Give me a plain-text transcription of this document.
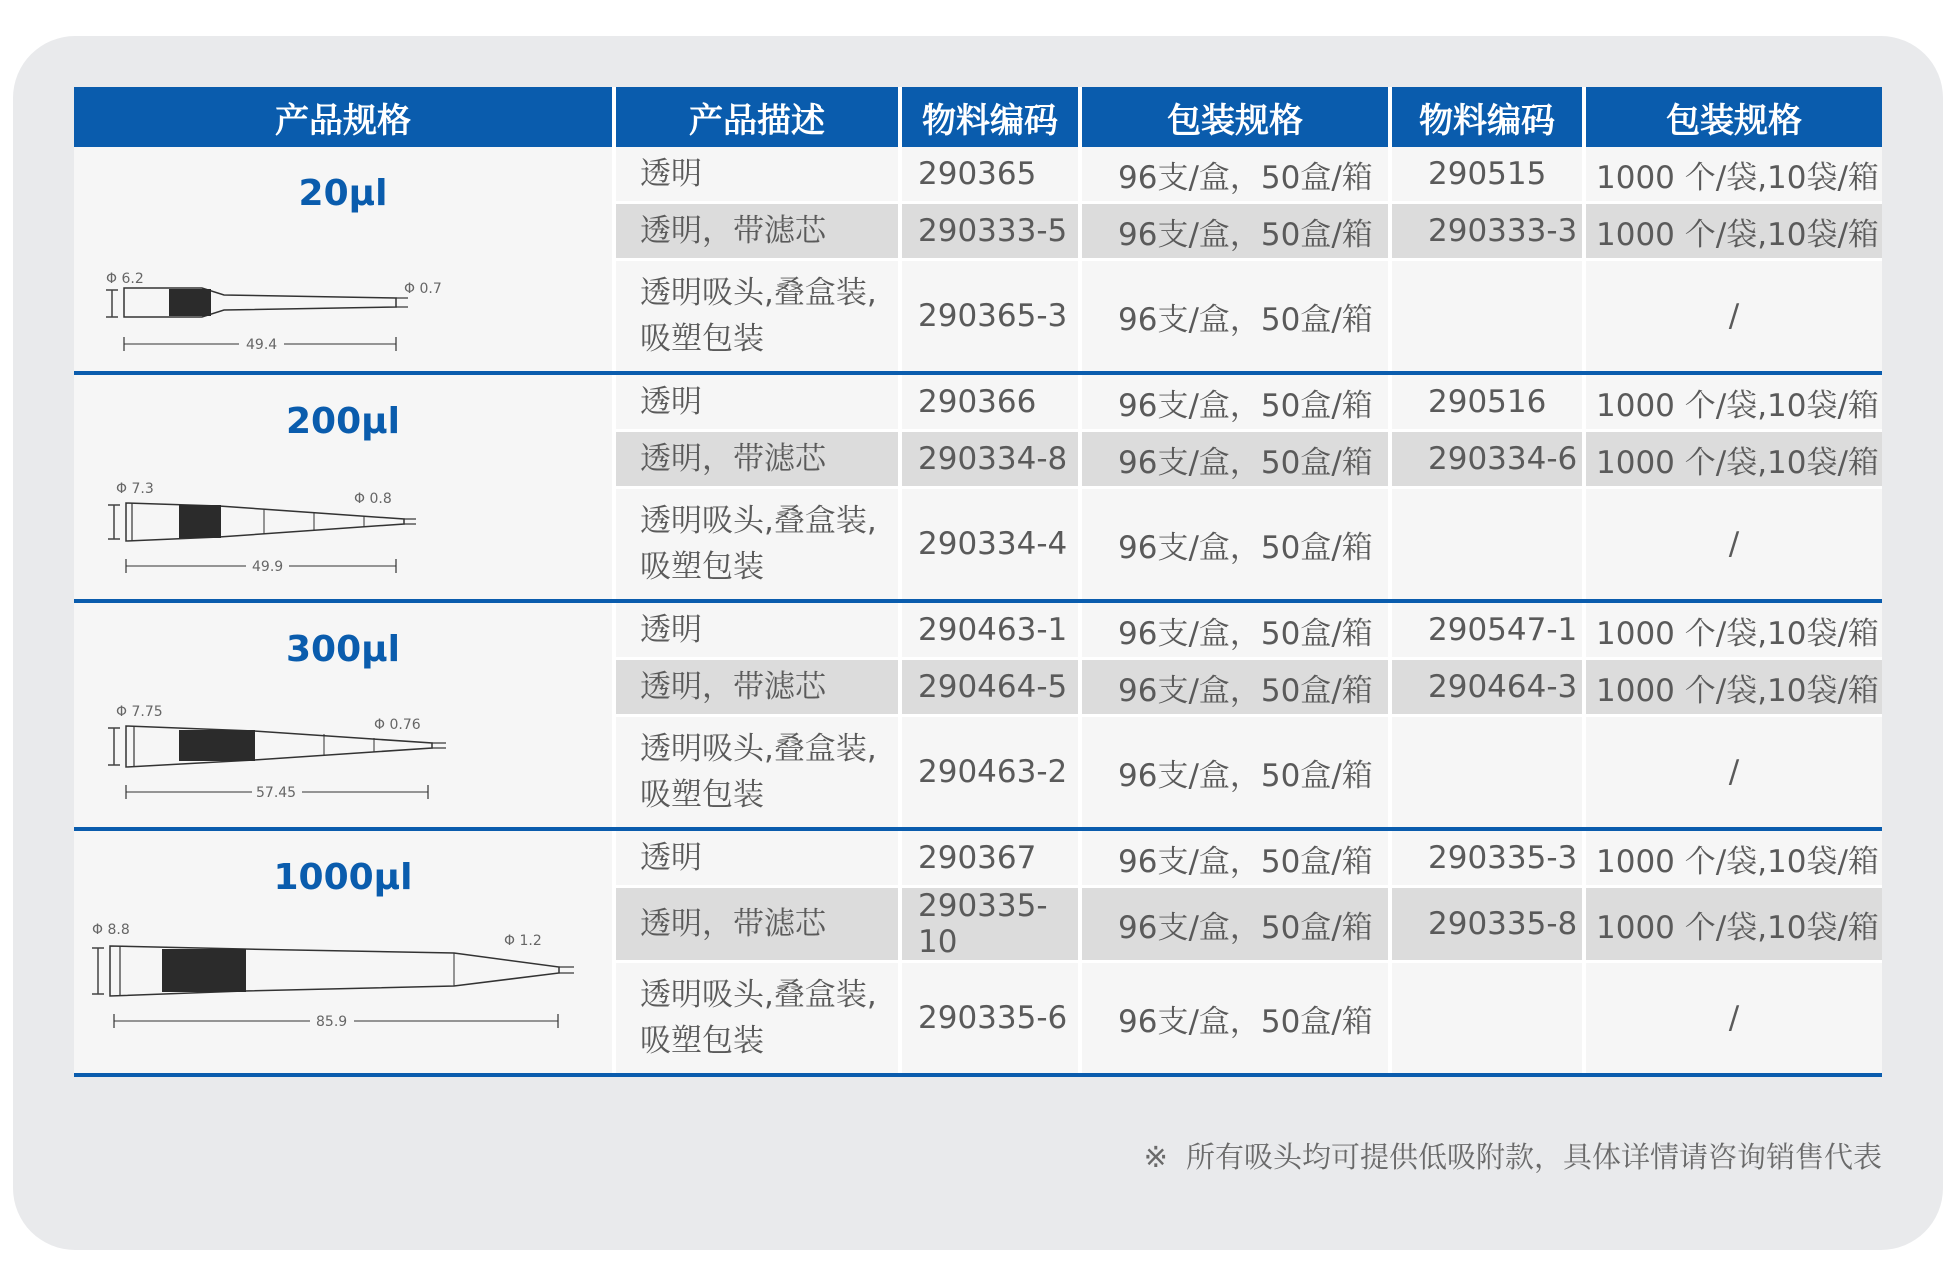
产品规格	产品描述	物料编码	包装规格	物料编码	包装规格

20µl
Φ 6.2
Φ 0.7
49.4	透明	290365	96支/盒，50盒/箱	290515	1000 个/袋,10袋/箱
	透明，带滤芯	290333-5	96支/盒，50盒/箱	290333-3	1000 个/袋,10袋/箱
	透明吸头,叠盒装,
吸塑包装	290365-3	96支/盒，50盒/箱		/

200µl
Φ 7.3
Φ 0.8
49.9	透明	290366	96支/盒，50盒/箱	290516	1000 个/袋,10袋/箱
	透明，带滤芯	290334-8	96支/盒，50盒/箱	290334-6	1000 个/袋,10袋/箱
	透明吸头,叠盒装,
吸塑包装	290334-4	96支/盒，50盒/箱		/

300µl
Φ 7.75
Φ 0.76
57.45	透明	290463-1	96支/盒，50盒/箱	290547-1	1000 个/袋,10袋/箱
	透明，带滤芯	290464-5	96支/盒，50盒/箱	290464-3	1000 个/袋,10袋/箱
	透明吸头,叠盒装,
吸塑包装	290463-2	96支/盒，50盒/箱		/

1000µl
Φ 8.8
Φ 1.2
85.9	透明	290367	96支/盒，50盒/箱	290335-3	1000 个/袋,10袋/箱
	透明，带滤芯	290335-10	96支/盒，50盒/箱	290335-8	1000 个/袋,10袋/箱
	透明吸头,叠盒装,
吸塑包装	290335-6	96支/盒，50盒/箱		/
※ 所有吸头均可提供低吸附款，具体详情请咨询销售代表
